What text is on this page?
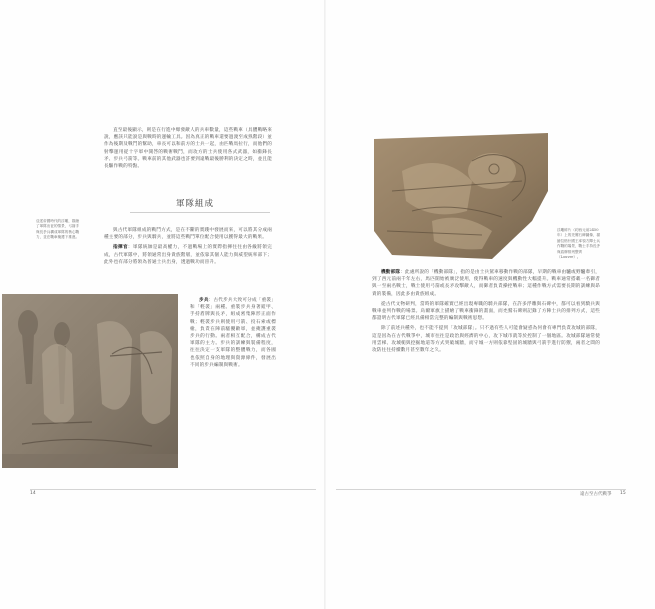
直至最後顯示，則是在行進中爆發敵人的兵車數量，這些戰車（具體戰略來說，應該只能說是與戰時的運輸工具。因為真正的戰車還要過渡至成熟階段）並作為後期及戰鬥的幫助，車長可以和前方的士兵一起，由匹戰馬拉行，而他們的射擊運用從十字軍中開啓的戰術戰鬥，而攻方的士兵使用各式武器，如衝鋒長矛、步兵弓箭等。戰車前的其他武器也許要到遠戰最後勝利的決定之時，並且能長驅作戰的特點。

軍隊組成
亞述帝國時代的浮雕，描繪了軍隊出征的情景，弓箭手與長矛兵構成軍隊的核心戰力，並在戰車掩護下推進。

與古代軍隊組成的戰鬥方式，是在不斷的實踐中發展而來，可以將其分成兩種主要的部分，步兵與騎兵，並將這些戰鬥單位配合使用以獲得最大的戰果。

指揮官：軍隊統帥是最高權力，不過戰場上的實際指揮往往由各級將領完成，古代軍隊中，將領通常出身貴族階層，並依靠其個人能力與威望統率部下；此外也有部分將領為普通士兵出身，透過戰功而晉升。

步兵：古代步兵大致可分成「重裝」和「輕裝」兩種。重裝步兵身著鎧甲、手持盾牌與長矛，組成密集陣形正面作戰；輕裝步兵則使用弓箭、投石索或標槍，負責在陣前騷擾敵軍，並掩護重裝步兵的行動。兩者相互配合，構成古代軍隊的主力。步兵的訓練與裝備程度，往往決定一支軍隊的整體戰力，而各國也依照自身的地理與資源條件，發展出不同的步兵編制與戰術。

14
浮雕碎片（約西元前2450年）上的禿鷲石碑圖像，描繪拉格什國王率領方陣士兵作戰的場景，戰士手持長矛與盾牌排列整齊（Louvre）。

機動部隊：此處所說的「機動部隊」，指的是由士兵駕車移動作戰的部隊，早期的戰車由驢或野驢牽引，到了西元前兩千年左右，馬匹開始被廣泛使用，使得戰車的速度與機動性大幅提升。戰車通常搭載一名御者與一至兩名戰士，戰士使用弓箭或長矛攻擊敵人，而御者負責操控戰車；這種作戰方式需要長期的訓練與昂貴的裝備，因此多由貴族組成。

從古代文物研判，當時的軍隊確實已經出現專職的騎兵部隊，在許多浮雕與石碑中，都可以看到騎兵與戰車並列作戰的場景。烏爾軍旗上描繪了戰車衝鋒的畫面，而禿鷲石碑則記錄了方陣士兵的排列方式，這些都證明古代軍隊已經具備相當完整的編制與戰術思想。

除了前述兵種外，也不能不提到「攻城部隊」。只不過有些人可能會疑惑為何會有專門負責攻城的部隊，這是因為在古代戰爭中，城市往往是政治與經濟的中心，攻下城市就等於控制了一個地區。攻城部隊通常使用雲梯、攻城槌與挖掘地道等方式突破城牆，而守城一方則依靠堅固的城牆與弓箭手進行防禦，兩者之間的攻防往往持續數月甚至數年之久。

遠古至古代戰爭 15
